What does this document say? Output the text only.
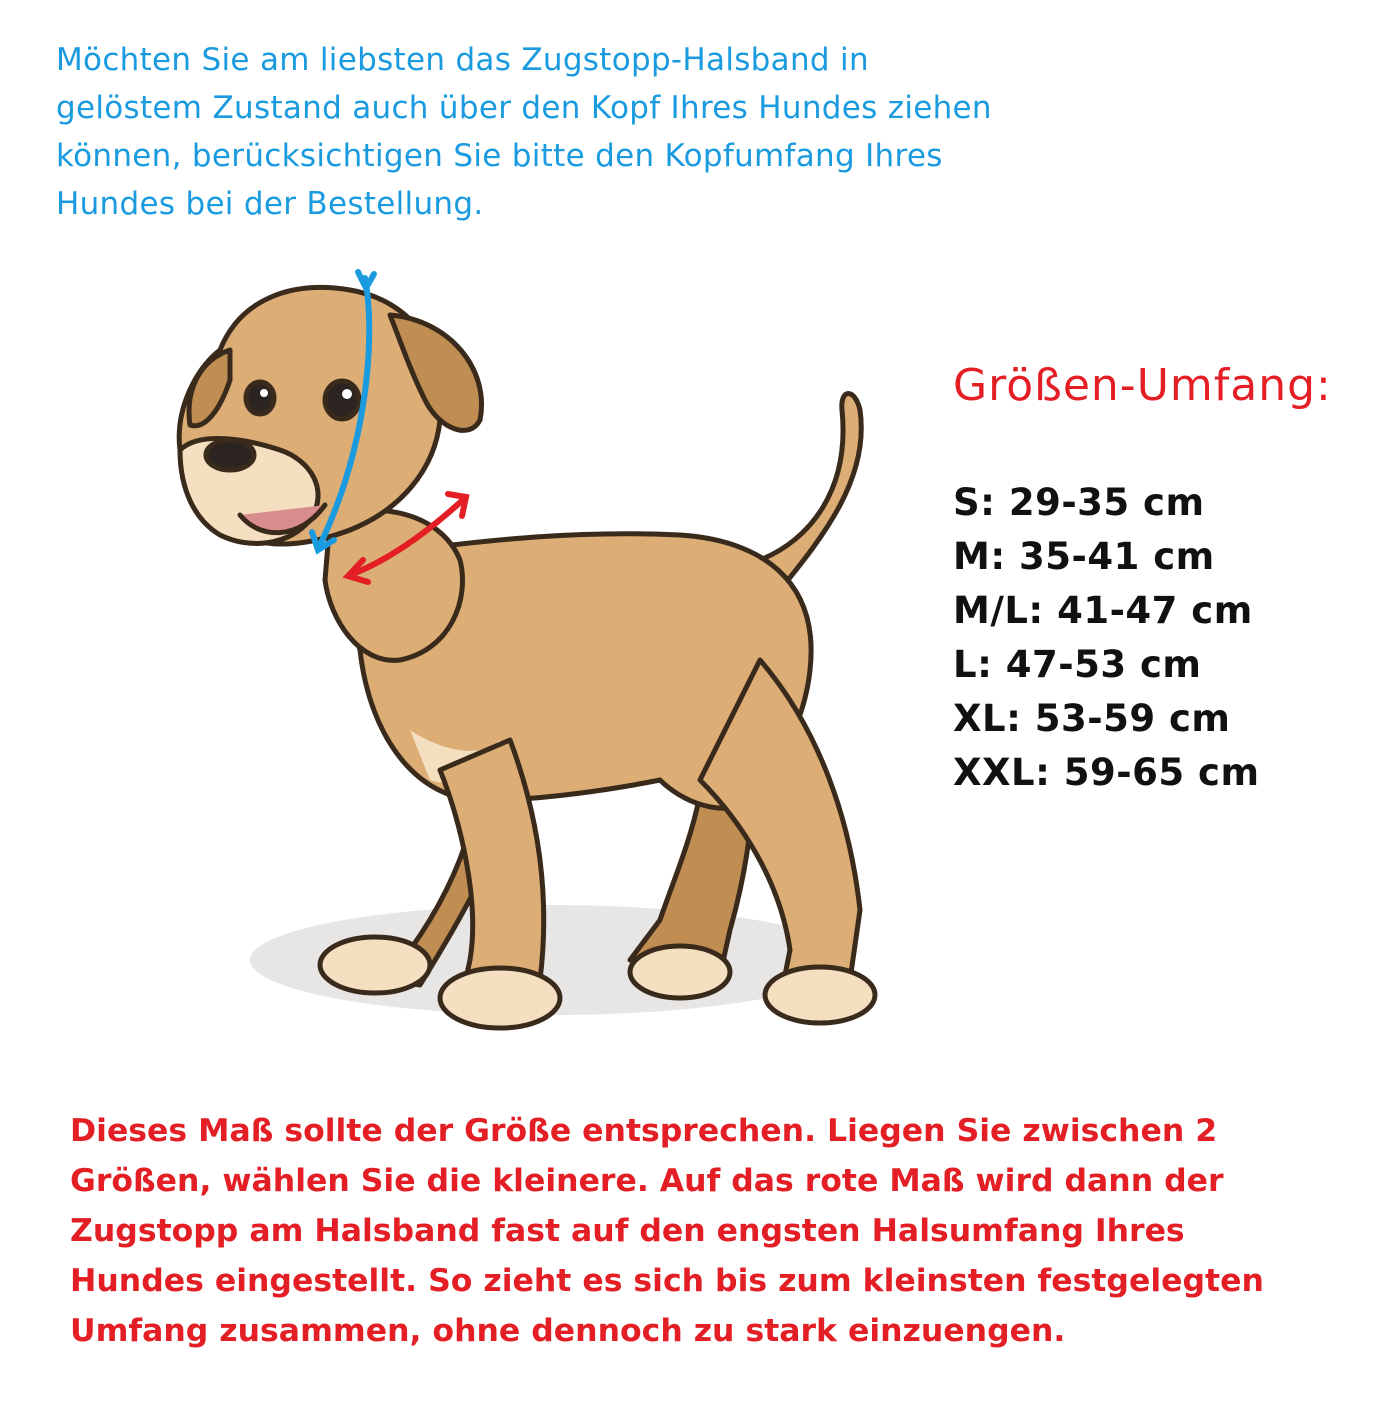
Möchten Sie am liebsten das Zugstopp-Halsband in
gelöstem Zustand auch über den Kopf Ihres Hundes ziehen
können, berücksichtigen Sie bitte den Kopfumfang Ihres
Hundes bei der Bestellung.
Größen-Umfang:
S: 29-35 cm
M: 35-41 cm
M/L: 41-47 cm
L: 47-53 cm
XL: 53-59 cm
XXL: 59-65 cm
Dieses Maß sollte der Größe entsprechen. Liegen Sie zwischen 2
Größen, wählen Sie die kleinere. Auf das rote Maß wird dann der
Zugstopp am Halsband fast auf den engsten Halsumfang Ihres
Hundes eingestellt. So zieht es sich bis zum kleinsten festgelegten
Umfang zusammen, ohne dennoch zu stark einzuengen.
